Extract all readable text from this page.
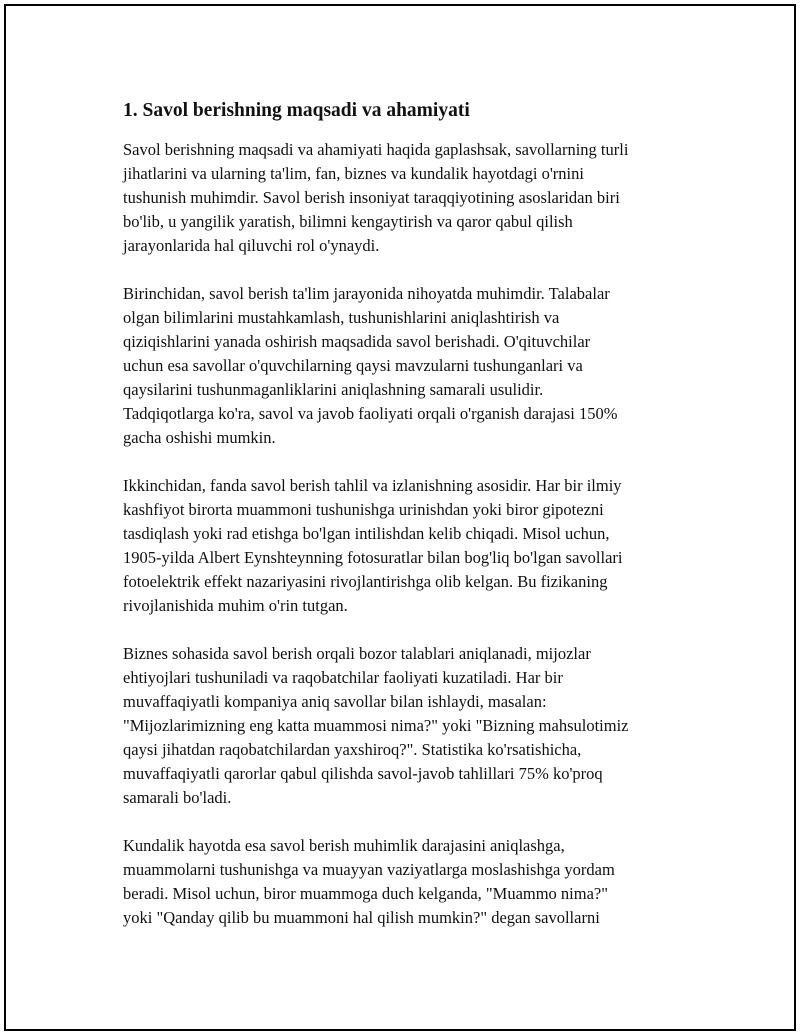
1. Savol berishning maqsadi va ahamiyati

Savol berishning maqsadi va ahamiyati haqida gaplashsak, savollarning turli
jihatlarini va ularning ta'lim, fan, biznes va kundalik hayotdagi o'rnini
tushunish muhimdir. Savol berish insoniyat taraqqiyotining asoslaridan biri
bo'lib, u yangilik yaratish, bilimni kengaytirish va qaror qabul qilish
jarayonlarida hal qiluvchi rol o'ynaydi.

Birinchidan, savol berish ta'lim jarayonida nihoyatda muhimdir. Talabalar
olgan bilimlarini mustahkamlash, tushunishlarini aniqlashtirish va
qiziqishlarini yanada oshirish maqsadida savol berishadi. O'qituvchilar
uchun esa savollar o'quvchilarning qaysi mavzularni tushunganlari va
qaysilarini tushunmaganliklarini aniqlashning samarali usulidir.
Tadqiqotlarga ko'ra, savol va javob faoliyati orqali o'rganish darajasi 150%
gacha oshishi mumkin.

Ikkinchidan, fanda savol berish tahlil va izlanishning asosidir. Har bir ilmiy
kashfiyot birorta muammoni tushunishga urinishdan yoki biror gipotezni
tasdiqlash yoki rad etishga bo'lgan intilishdan kelib chiqadi. Misol uchun,
1905-yilda Albert Eynshteynning fotosuratlar bilan bog'liq bo'lgan savollari
fotoelektrik effekt nazariyasini rivojlantirishga olib kelgan. Bu fizikaning
rivojlanishida muhim o'rin tutgan.

Biznes sohasida savol berish orqali bozor talablari aniqlanadi, mijozlar
ehtiyojlari tushuniladi va raqobatchilar faoliyati kuzatiladi. Har bir
muvaffaqiyatli kompaniya aniq savollar bilan ishlaydi, masalan:
"Mijozlarimizning eng katta muammosi nima?" yoki "Bizning mahsulotimiz
qaysi jihatdan raqobatchilardan yaxshiroq?". Statistika ko'rsatishicha,
muvaffaqiyatli qarorlar qabul qilishda savol-javob tahlillari 75% ko'proq
samarali bo'ladi.

Kundalik hayotda esa savol berish muhimlik darajasini aniqlashga,
muammolarni tushunishga va muayyan vaziyatlarga moslashishga yordam
beradi. Misol uchun, biror muammoga duch kelganda, "Muammo nima?"
yoki "Qanday qilib bu muammoni hal qilish mumkin?" degan savollarni
